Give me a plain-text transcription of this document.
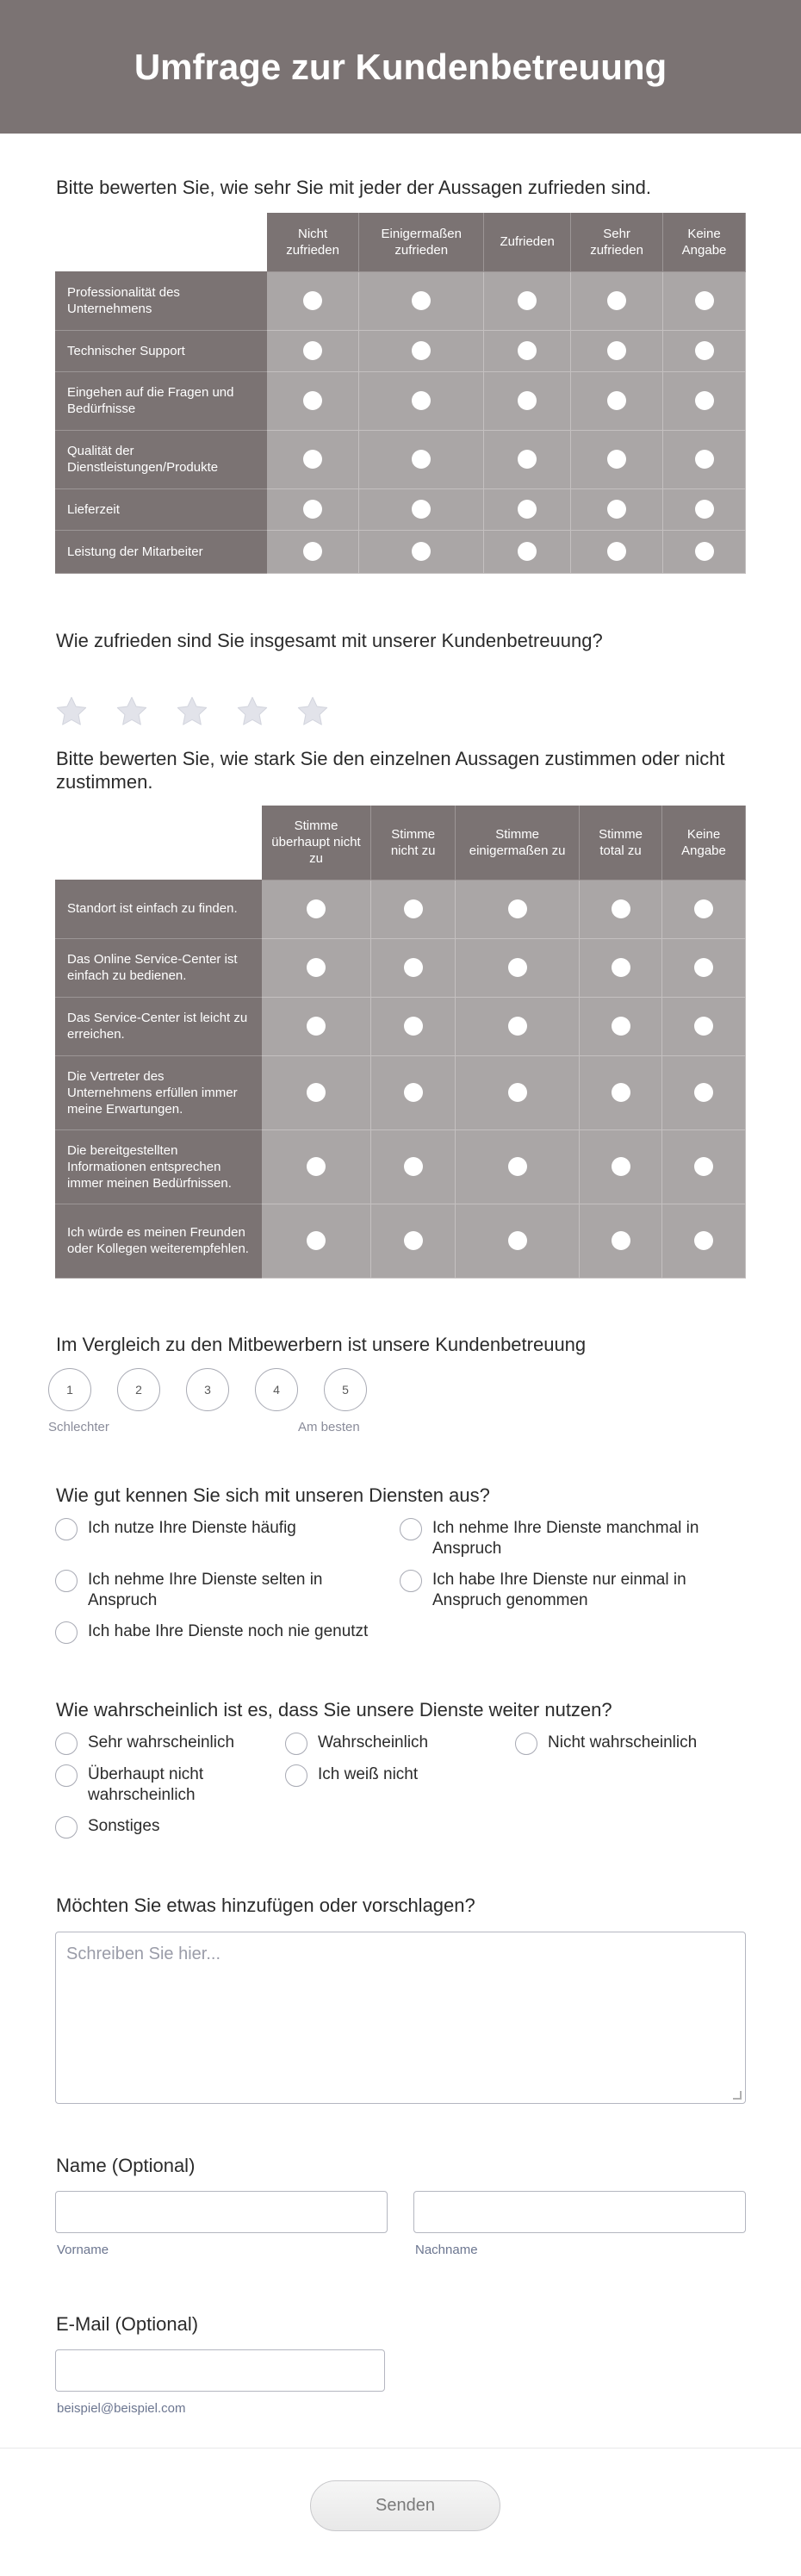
Umfrage zur Kundenbetreuung
Bitte bewerten Sie, wie sehr Sie mit jeder der Aussagen zufrieden sind.
	Nicht zufrieden	Einigermaßen zufrieden	Zufrieden	Sehr zufrieden	Keine Angabe
Professionalität des Unternehmens					
Technischer Support					
Eingehen auf die Fragen und Bedürfnisse					
Qualität der Dienstleistungen/Produkte					
Lieferzeit					
Leistung der Mitarbeiter					
Wie zufrieden sind Sie insgesamt mit unserer Kundenbetreuung?
Bitte bewerten Sie, wie stark Sie den einzelnen Aussagen zustimmen oder nicht zustimmen.
	Stimme überhaupt nicht zu	Stimme nicht zu	Stimme einigermaßen zu	Stimme total zu	Keine Angabe
Standort ist einfach zu finden.					
Das Online Service-Center ist einfach zu bedienen.					
Das Service-Center ist leicht zu erreichen.					
Die Vertreter des Unternehmens erfüllen immer meine Erwartungen.					
Die bereitgestellten Informationen entsprechen immer meinen Bedürfnissen.					
Ich würde es meinen Freunden oder Kollegen weiterempfehlen.					
Im Vergleich zu den Mitbewerbern ist unsere Kundenbetreuung
1	2	3	4	5
Schlechter	Am besten
Wie gut kennen Sie sich mit unseren Diensten aus?
Ich nutze Ihre Dienste häufig	Ich nehme Ihre Dienste manchmal in Anspruch
Ich nehme Ihre Dienste selten in Anspruch
Ich habe Ihre Dienste nur einmal in Anspruch genommen
Ich habe Ihre Dienste noch nie genutzt
Wie wahrscheinlich ist es, dass Sie unsere Dienste weiter nutzen?
Sehr wahrscheinlich	Wahrscheinlich	Nicht wahrscheinlich
Überhaupt nicht wahrscheinlich
Ich weiß nicht
Sonstiges
Möchten Sie etwas hinzufügen oder vorschlagen?
Schreiben Sie hier...
Name (Optional)
Vorname	Nachname
E-Mail (Optional)
beispiel@beispiel.com
Senden
